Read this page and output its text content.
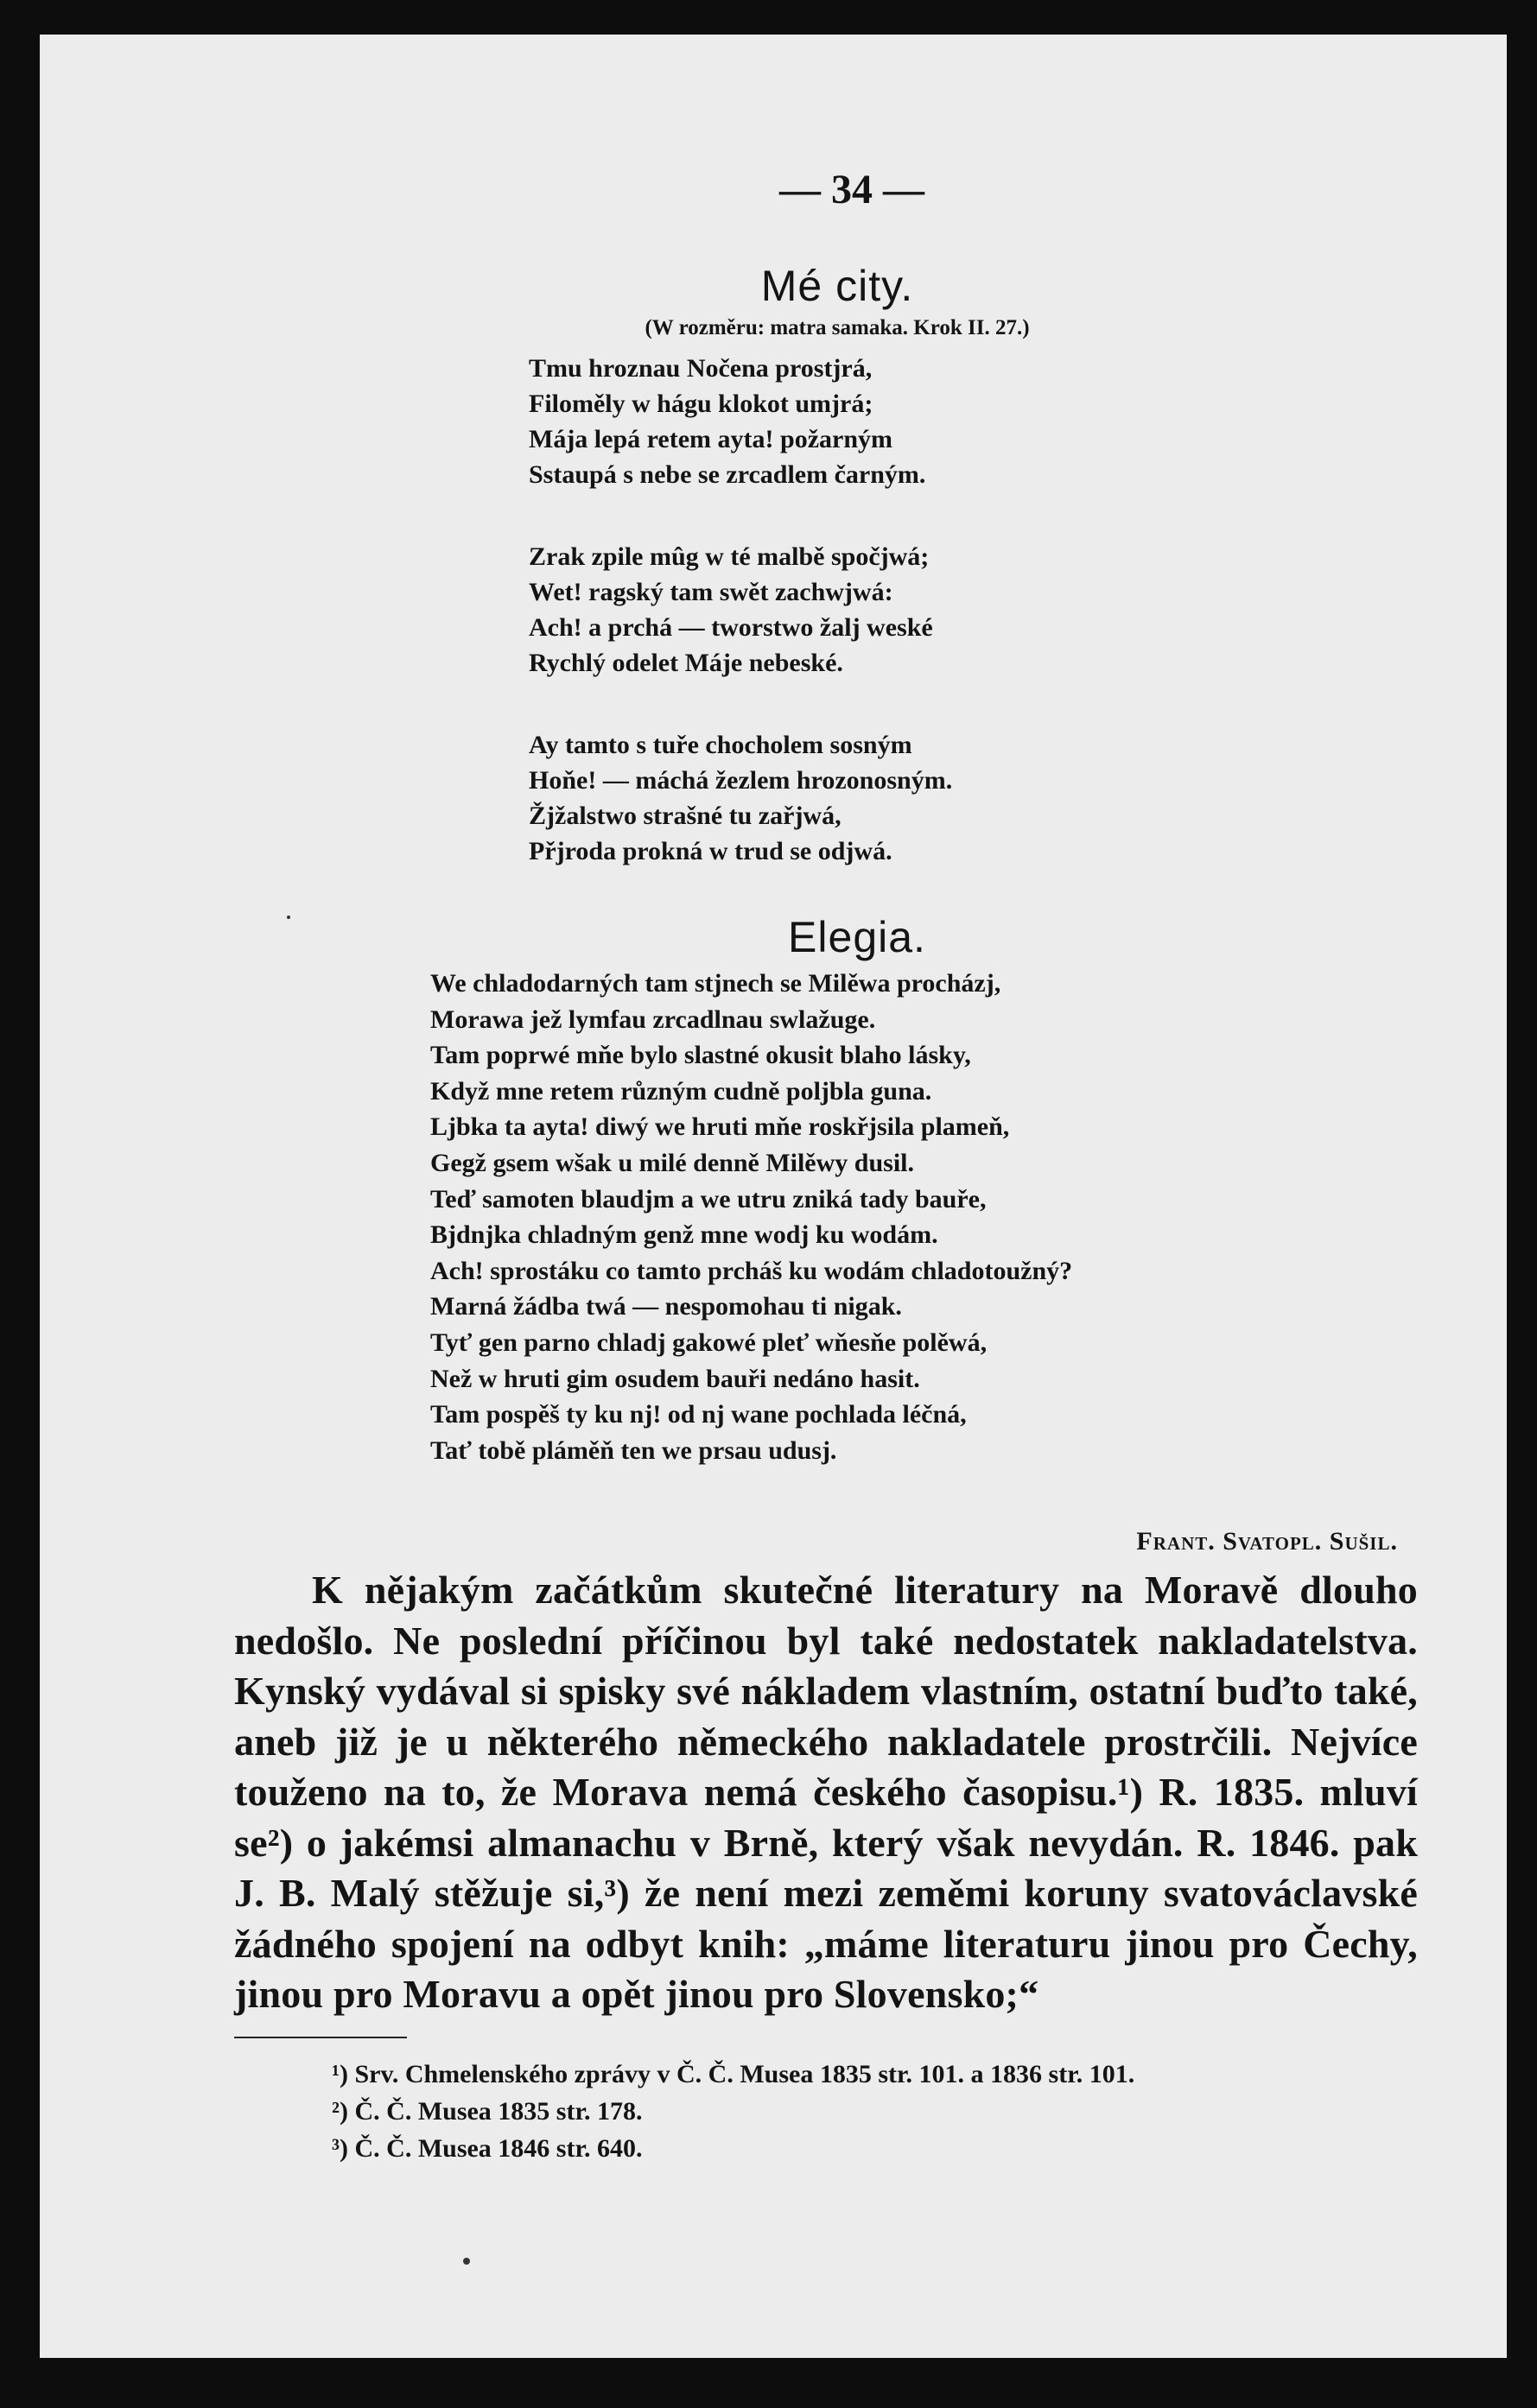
— 34 —
Mé city.
(W rozměru: matra samaka. Krok II. 27.)
Tmu hroznau Nočena prostjrá,
Filoměly w hágu klokot umjrá;
Mája lepá retem ayta! požarným
Sstaupá s nebe se zrcadlem čarným.
Zrak zpile mûg w té malbě spočjwá;
Wet! ragský tam swět zachwjwá:
Ach! a prchá — tworstwo žalj weské
Rychlý odelet Máje nebeské.
Ay tamto s tuře chocholem sosným
Hoňe! — máchá žezlem hrozonosným.
Žjžalstwo strašné tu zařjwá,
Přjroda prokná w trud se odjwá.
Elegia.
We chladodarných tam stjnech se Milěwa procházj,
Morawa jež lymfau zrcadlnau swlažuge.
Tam poprwé mňe bylo slastné okusit blaho lásky,
Když mne retem různým cudně poljbla guna.
Ljbka ta ayta! diwý we hruti mňe roskřjsila plameň,
Gegž gsem wšak u milé denně Milěwy dusil.
Teď samoten blaudjm a we utru zniká tady bauře,
Bjdnjka chladným genž mne wodj ku wodám.
Ach! sprostáku co tamto prcháš ku wodám chladotoužný?
Marná žádba twá — nespomohau ti nigak.
Tyť gen parno chladj gakowé pleť wňesňe polěwá,
Než w hruti gim osudem bauři nedáno hasit.
Tam pospěš ty ku nj! od nj wane pochlada léčná,
Tať tobě pláměň ten we prsau udusj.
Frant. Svatopl. Sušil.

K nějakým začátkům skutečné literatury na Moravě dlouho nedošlo. Ne poslední příčinou byl také nedostatek nakladatelstva. Kynský vydával si spisky své nákladem vlastním, ostatní buďto také, aneb již je u některého německého nakladatele prostrčili. Nejvíce touženo na to, že Morava nemá českého časopisu.¹) R. 1835. mluví se²) o jakémsi almanachu v Brně, který však nevydán. R. 1846. pak J. B. Malý stěžuje si,³) že není mezi zeměmi koruny svatováclavské žádného spojení na odbyt knih: „máme literaturu jinou pro Čechy, jinou pro Moravu a opět jinou pro Slovensko;“

¹) Srv. Chmelenského zprávy v Č. Č. Musea 1835 str. 101. a 1836 str. 101.
²) Č. Č. Musea 1835 str. 178.
³) Č. Č. Musea 1846 str. 640.
